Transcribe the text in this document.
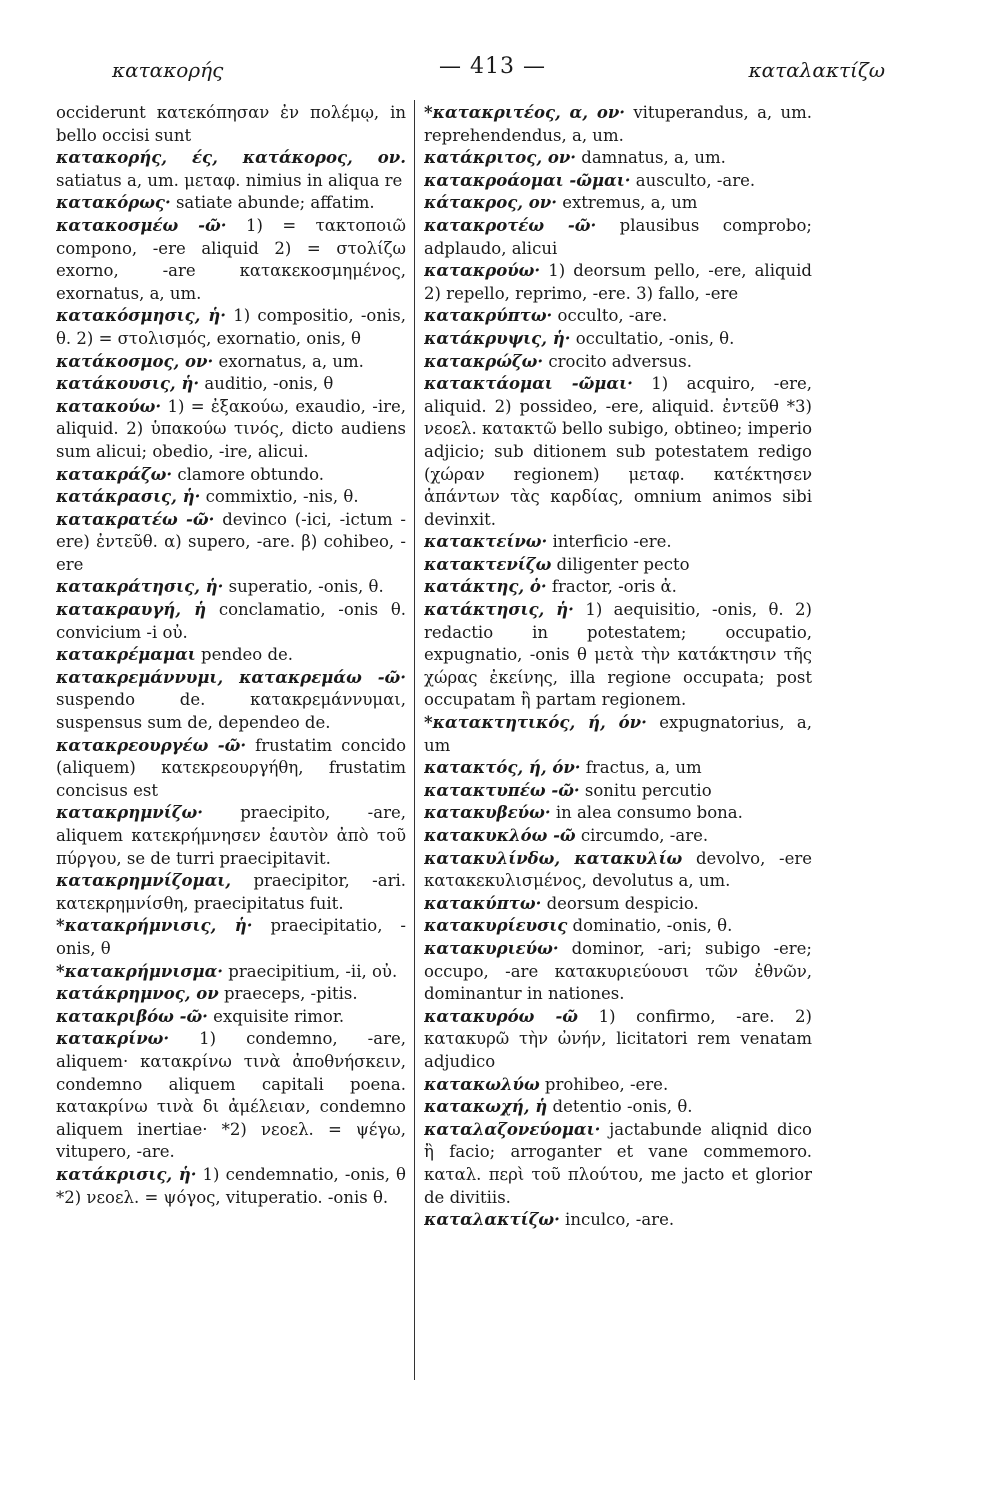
κατακορής	— 413 —	καταλακτίζω

occiderunt κατεκόπησαν ἐν πολέμῳ, in bello occisi sunt

κατακορής, ές, κατάκορος, ον. satiatus a, um. μεταφ. nimius in aliqua re

κατακόρως· satiate abunde; affatim.

κατακοσμέω -ῶ· 1) = τακτοποιῶ compono, -ere aliquid 2) = στολίζω exorno, -are κατακεκοσμημένος, exornatus, a, um.

κατακόσμησις, ἡ· 1) compositio, -onis, θ. 2) = στολισμός, exornatio, onis, θ

κατάκοσμος, ον· exornatus, a, um.

κατάκουσις, ἡ· auditio, -onis, θ

κατακούω· 1) = ἐξακούω, exaudio, -ire, aliquid. 2) ὑπακούω τινός, dicto audiens sum alicui; obedio, -ire, alicui.

κατακράζω· clamore obtundo.

κατάκρασις, ἡ· commixtio, -nis, θ.

κατακρατέω -ῶ· devinco (-ici, -ictum -ere) ἐντεῦθ. α) supero, -are. β) cohibeo, -ere

κατακράτησις, ἡ· superatio, -onis, θ.

κατακραυγή, ἡ conclamatio, -onis θ. convicium -i οὐ.

κατακρέμαμαι pendeo de.

κατακρεμάννυμι, κατακρεμάω -ῶ· suspendo de. κατακρεμάννυμαι, suspensus sum de, dependeo de.

κατακρεουργέω -ῶ· frustatim concido (aliquem) κατεκρεουργήθη, frustatim concisus est

κατακρημνίζω· praecipito, -are, aliquem κατεκρήμνησεν ἑαυτὸν ἀπὸ τοῦ πύργου, se de turri praecipitavit.

κατακρημνίζομαι, praecipitor, -ari. κατεκρημνίσθη, praecipitatus fuit.

*κατακρήμνισις, ἡ· praecipitatio, -onis, θ

*κατακρήμνισμα· praecipitium, -ii, οὐ.

κατάκρημνος, ον praeceps, -pitis.

κατακριβόω -ῶ· exquisite rimor.

κατακρίνω· 1) condemno, -are, aliquem· κατακρίνω τινὰ ἀποθνήσκειν, condemno aliquem capitali poena. κατακρίνω τινὰ δι ἀμέλειαν, condemno aliquem inertiae· *2) νεοελ. = ψέγω, vitupero, -are.

κατάκρισις, ἡ· 1) cendemnatio, -onis, θ *2) νεοελ. = ψόγος, vituperatio. -onis θ.

*κατακριτέος, α, ον· vituperandus, a, um. reprehendendus, a, um.

κατάκριτος, ον· damnatus, a, um.

κατακροάομαι -ῶμαι· ausculto, -are.

κάτακρος, ον· extremus, a, um

κατακροτέω -ῶ· plausibus comprobo; adplaudo, alicui

κατακρούω· 1) deorsum pello, -ere, aliquid 2) repello, reprimo, -ere. 3) fallo, -ere

κατακρύπτω· occulto, -are.

κατάκρυψις, ἡ· occultatio, -onis, θ.

κατακρώζω· crocito adversus.

κατακτάομαι -ῶμαι· 1) acquiro, -ere, aliquid. 2) possideo, -ere, aliquid. ἐντεῦθ *3) νεοελ. κατακτῶ bello subigo, obtineo; imperio adjicio; sub ditionem sub potestatem redigo (χώραν regionem) μεταφ. κατέκτησεν ἁπάντων τὰς καρδίας, omnium animos sibi devinxit.

κατακτείνω· interficio -ere.

κατακτενίζω diligenter pecto

κατάκτης, ὁ· fractor, -oris ἀ.

κατάκτησις, ἡ· 1) aequisitio, -onis, θ. 2) redactio in potestatem; occupatio, expugnatio, -onis θ μετὰ τὴν κατάκτησιν τῆς χώρας ἐκείνης, illa regione occupata; post occupatam ἢ partam regionem.

*κατακτητικός, ή, όν· expugnatorius, a, um

κατακτός, ή, όν· fractus, a, um

κατακτυπέω -ῶ· sonitu percutio

κατακυβεύω· in alea consumo bona.

κατακυκλόω -ῶ circumdo, -are.

κατακυλίνδω, κατακυλίω devolvo, -ere κατακεκυλισμένος, devolutus a, um.

κατακύπτω· deorsum despicio.

κατακυρίευσις dominatio, -onis, θ.

κατακυριεύω· dominor, -ari; subigo -ere; occupo, -are κατακυριεύουσι τῶν ἐθνῶν, dominantur in nationes.

κατακυρόω -ῶ 1) confirmo, -are. 2) κατακυρῶ τὴν ὠνήν, licitatori rem venatam adjudico

κατακωλύω prohibeo, -ere.

κατακωχή, ἡ detentio -onis, θ.

καταλαζονεύομαι· jactabunde aliqnid dico ἢ facio; arroganter et vane commemoro. καταλ. περὶ τοῦ πλούτου, me jacto et glorior de divitiis.

καταλακτίζω· inculco, -are.
